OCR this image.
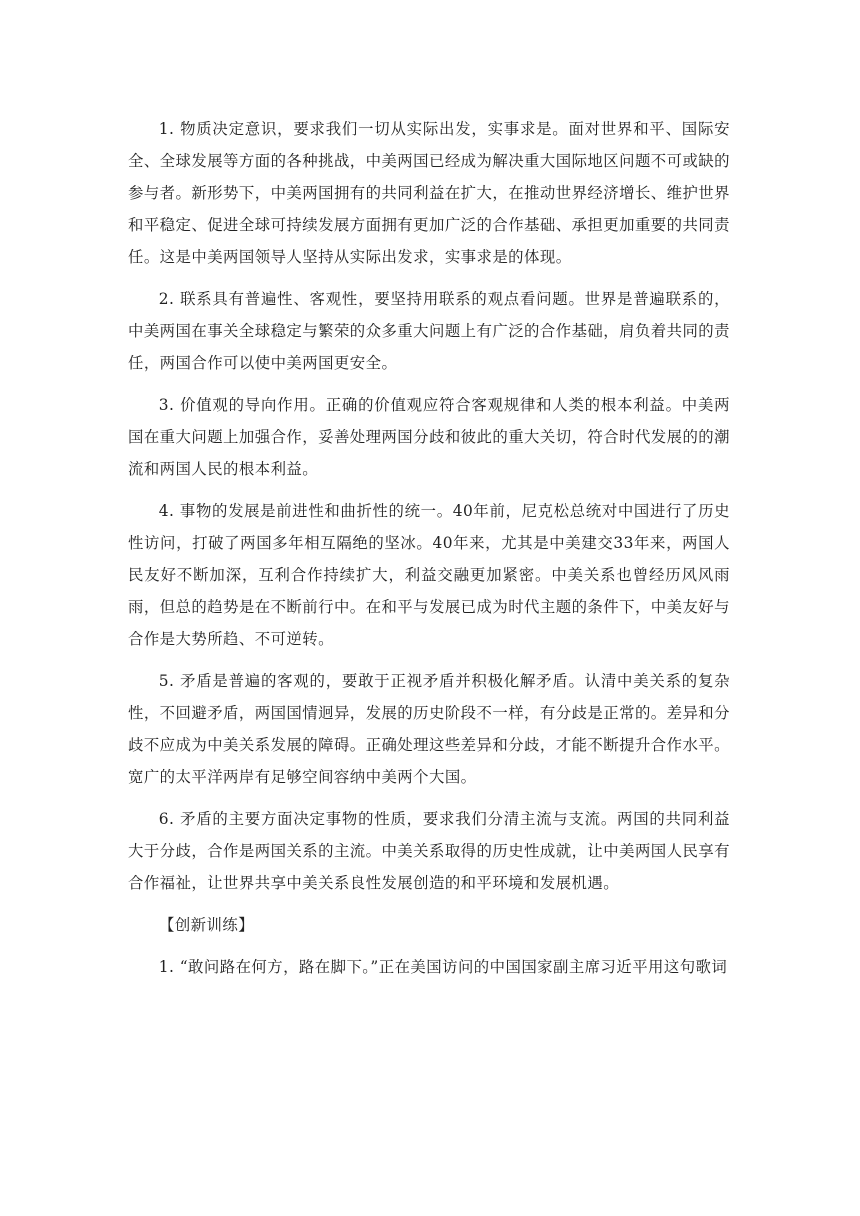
1. 物质决定意识，要求我们一切从实际出发，实事求是。面对世界和平、国际安全、全球发展等方面的各种挑战，中美两国已经成为解决重大国际地区问题不可或缺的参与者。新形势下，中美两国拥有的共同利益在扩大，在推动世界经济增长、维护世界和平稳定、促进全球可持续发展方面拥有更加广泛的合作基础、承担更加重要的共同责任。这是中美两国领导人坚持从实际出发求，实事求是的体现。

2. 联系具有普遍性、客观性，要坚持用联系的观点看问题。世界是普遍联系的，中美两国在事关全球稳定与繁荣的众多重大问题上有广泛的合作基础，肩负着共同的责任，两国合作可以使中美两国更安全。

3. 价值观的导向作用。正确的价值观应符合客观规律和人类的根本利益。中美两国在重大问题上加强合作，妥善处理两国分歧和彼此的重大关切，符合时代发展的的潮流和两国人民的根本利益。

4. 事物的发展是前进性和曲折性的统一。40年前，尼克松总统对中国进行了历史性访问，打破了两国多年相互隔绝的坚冰。40年来，尤其是中美建交33年来，两国人民友好不断加深，互利合作持续扩大，利益交融更加紧密。中美关系也曾经历风风雨雨，但总的趋势是在不断前行中。在和平与发展已成为时代主题的条件下，中美友好与合作是大势所趋、不可逆转。

5. 矛盾是普遍的客观的，要敢于正视矛盾并积极化解矛盾。认清中美关系的复杂性，不回避矛盾，两国国情迥异，发展的历史阶段不一样，有分歧是正常的。差异和分歧不应成为中美关系发展的障碍。正确处理这些差异和分歧，才能不断提升合作水平。宽广的太平洋两岸有足够空间容纳中美两个大国。

6. 矛盾的主要方面决定事物的性质，要求我们分清主流与支流。两国的共同利益大于分歧，合作是两国关系的主流。中美关系取得的历史性成就，让中美两国人民享有合作福祉，让世界共享中美关系良性发展创造的和平环境和发展机遇。

【创新训练】

1. “敢问路在何方，路在脚下。”正在美国访问的中国国家副主席习近平用这句歌词
